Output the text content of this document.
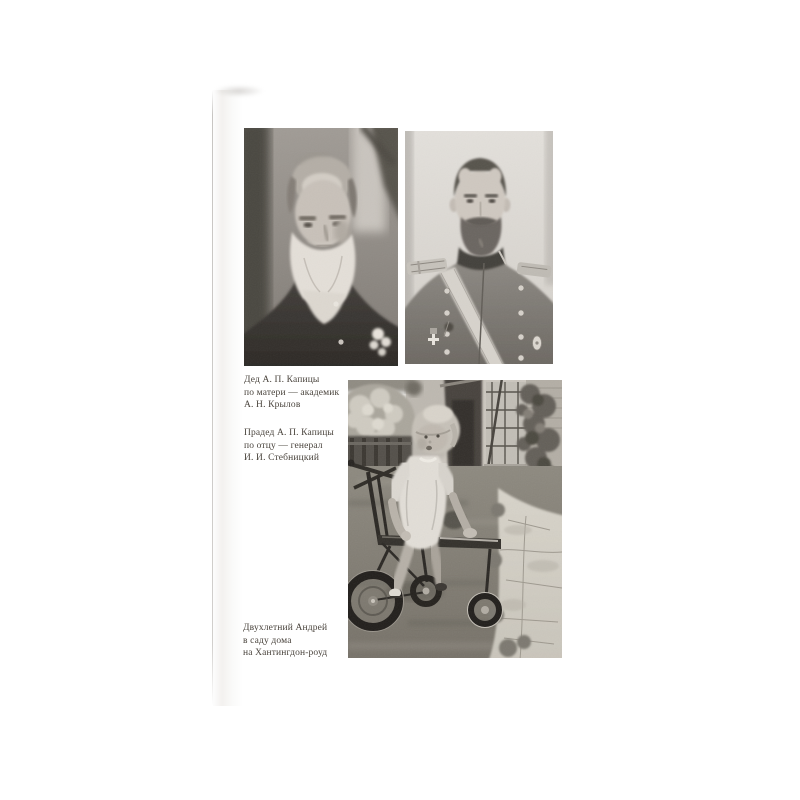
Дед А. П. Капицы
по матери — академик
А. Н. Крылов
Прадед А. П. Капицы
по отцу — генерал
И. И. Стебницкий
Двухлетний Андрей
в саду дома
на Хантингдон-роуд
